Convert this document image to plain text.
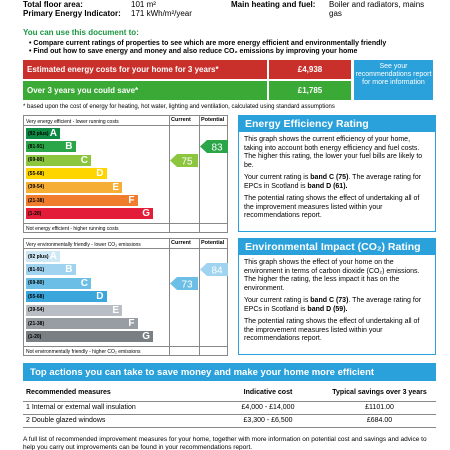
Total floor area:	101 m²
Primary Energy Indicator: 171 kWh/m²/year
Main heating and fuel: Boiler and radiators, mains gas
You can use this document to:
• Compare current ratings of properties to see which are more energy efficient and environmentally friendly
• Find out how to save energy and money and also reduce CO₂ emissions by improving your home
Estimated energy costs for your home for 3 years*	£4,938
Over 3 years you could save*	£1,785
See your recommendations report for more information
* based upon the cost of energy for heating, hot water, lighting and ventilation, calculated using standard assumptions
Current Potential
Very energy efficient - lower running costs
Not energy efficient - higher running costs
(92 plus) A
(81-91) B
(69-80)	C
(55-68)	D
(39-54)	E
(21-38)	F
(1-20)	G
75
83
Current Potential
Very environmentally friendly - lower CO₂ emissions
Not environmentally friendly - higher CO₂ emissions
(92 plus) A
(81-91) B
(69-80)	C
(55-68)	D
(39-54)	E
(21-38)	F
(1-20)	G
73
84
Energy Efficiency Rating

This graph shows the current efficiency of your home, taking into account both energy efficiency and fuel costs. The higher this rating, the lower your fuel bills are likely to be.

Your current rating is band C (75). The average rating for EPCs in Scotland is band D (61).

The potential rating shows the effect of undertaking all of the improvement measures listed within your recommendations report.

Environmental Impact (CO₂) Rating

This graph shows the effect of your home on the environment in terms of carbon dioxide (CO₂) emissions. The higher the rating, the less impact it has on the environment.

Your current rating is band C (73). The average rating for EPCs in Scotland is band D (59).

The potential rating shows the effect of undertaking all of the improvement measures listed within your recommendations report.

Top actions you can take to save money and make your home more efficient
Recommended measures	Indicative cost	Typical savings over 3 years
1 Internal or external wall insulation	£4,000 - £14,000	£1101.00
2 Double glazed windows	£3,300 - £6,500	£684.00
A full list of recommended improvement measures for your home, together with more information on potential cost and savings and advice to help you carry out improvements can be found in your recommendations report.
